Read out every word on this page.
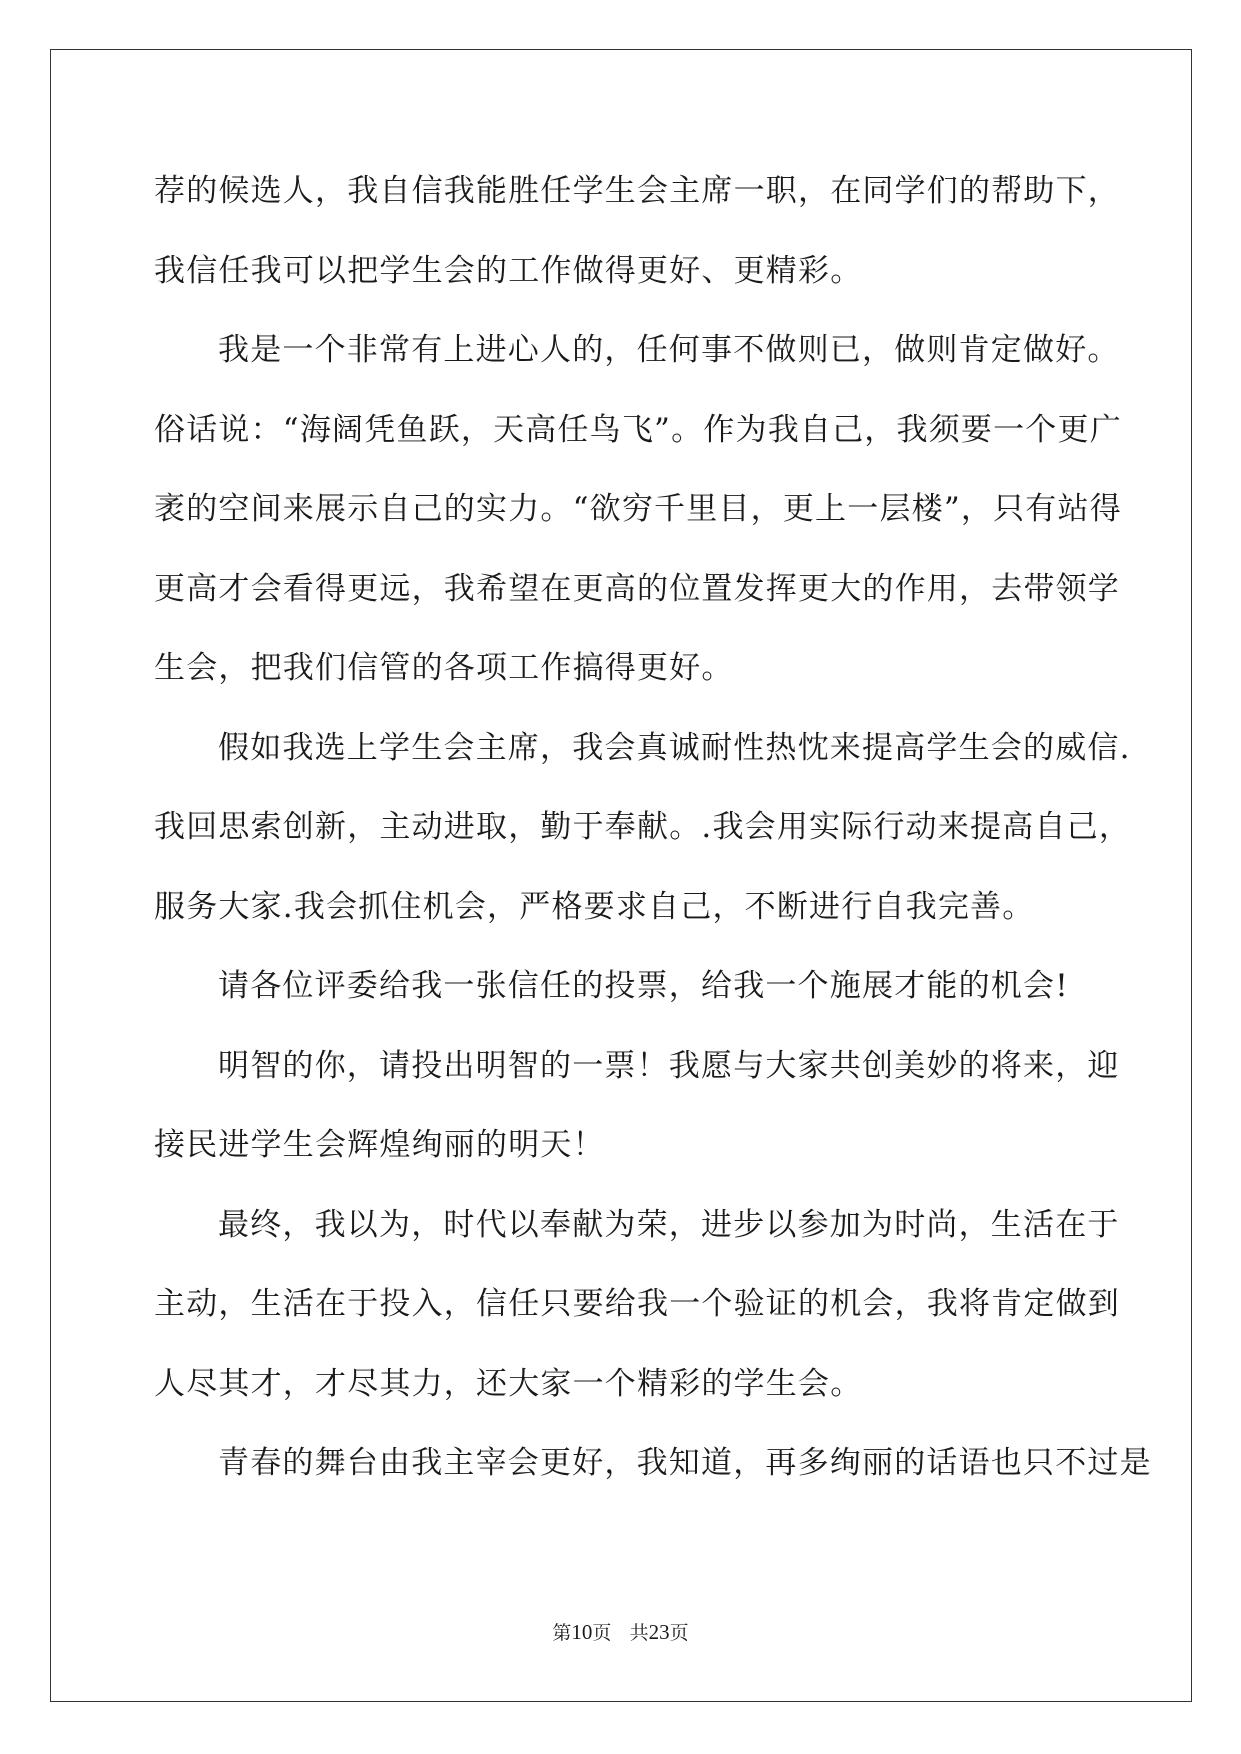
荐的候选人，我自信我能胜任学生会主席一职，在同学们的帮助下，
我信任我可以把学生会的工作做得更好、更精彩。
我是一个非常有上进心人的，任何事不做则已，做则肯定做好。
俗话说：“海阔凭鱼跃，天高任鸟飞”。作为我自己，我须要一个更广
袤的空间来展示自己的实力。“欲穷千里目，更上一层楼”，只有站得
更高才会看得更远，我希望在更高的位置发挥更大的作用，去带领学
生会，把我们信管的各项工作搞得更好。
假如我选上学生会主席，我会真诚耐性热忱来提高学生会的威信.
我回思索创新，主动进取，勤于奉献。.我会用实际行动来提高自己，
服务大家.我会抓住机会，严格要求自己，不断进行自我完善。
请各位评委给我一张信任的投票，给我一个施展才能的机会!
明智的你，请投出明智的一票！我愿与大家共创美妙的将来，迎
接民进学生会辉煌绚丽的明天！
最终，我以为，时代以奉献为荣，进步以参加为时尚，生活在于
主动，生活在于投入，信任只要给我一个验证的机会，我将肯定做到
人尽其才，才尽其力，还大家一个精彩的学生会。
青春的舞台由我主宰会更好，我知道，再多绚丽的话语也只不过是
第10页 共23页
